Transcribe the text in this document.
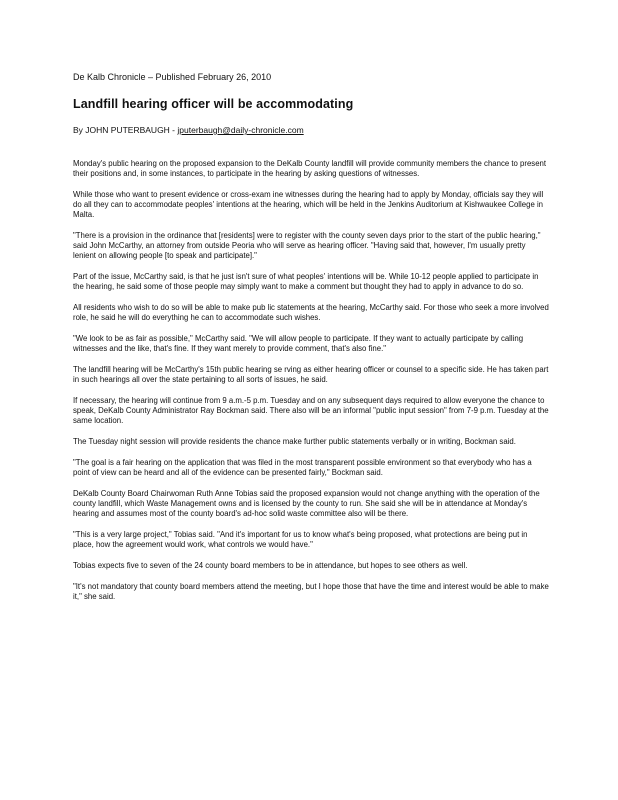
De Kalb Chronicle – Published February 26, 2010
Landfill hearing officer will be accommodating
By JOHN PUTERBAUGH - jputerbaugh@daily-chronicle.com

Monday's public hearing on the proposed expansion to the DeKalb County landfill will provide community members the chance to present their positions and, in some instances, to participate in the hearing by asking questions of witnesses.

While those who want to present evidence or cross-exam ine witnesses during the hearing had to apply by Monday, officials say they will do all they can to accommodate peoples' intentions at the hearing, which will be held in the Jenkins Auditorium at Kishwaukee College in Malta.

"There is a provision in the ordinance that [residents] were to register with the county seven days prior to the start of the public hearing," said John McCarthy, an attorney from outside Peoria who will serve as hearing officer. "Having said that, however, I'm usually pretty lenient on allowing people [to speak and participate]."

Part of the issue, McCarthy said, is that he just isn't sure of what peoples' intentions will be. While 10-12 people applied to participate in the hearing, he said some of those people may simply want to make a comment but thought they had to apply in advance to do so.

All residents who wish to do so will be able to make pub lic statements at the hearing, McCarthy said. For those who seek a more involved role, he said he will do everything he can to accommodate such wishes.

"We look to be as fair as possible," McCarthy said. "We will allow people to participate. If they want to actually participate by calling witnesses and the like, that's fine. If they want merely to provide comment, that's also fine."

The landfill hearing will be McCarthy's 15th public hearing se rving as either hearing officer or counsel to a specific side. He has taken part in such hearings all over the state pertaining to all sorts of issues, he said.

If necessary, the hearing will continue from 9 a.m.-5 p.m. Tuesday and on any subsequent days required to allow everyone the chance to speak, DeKalb County Administrator Ray Bockman said. There also will be an informal "public input session" from 7-9 p.m. Tuesday at the same location.

The Tuesday night session will provide residents the chance make further public statements verbally or in writing, Bockman said.

"The goal is a fair hearing on the application that was filed in the most transparent possible environment so that everybody who has a point of view can be heard and all of the evidence can be presented fairly," Bockman said.

DeKalb County Board Chairwoman Ruth Anne Tobias said the proposed expansion would not change anything with the operation of the county landfill, which Waste Management owns and is licensed by the county to run. She said she will be in attendance at Monday's hearing and assumes most of the county board's ad-hoc solid waste committee also will be there.

"This is a very large project," Tobias said. "And it's important for us to know what's being proposed, what protections are being put in place, how the agreement would work, what controls we would have."

Tobias expects five to seven of the 24 county board members to be in attendance, but hopes to see others as well.

"It's not mandatory that county board members attend the meeting, but I hope those that have the time and interest would be able to make it," she said.
